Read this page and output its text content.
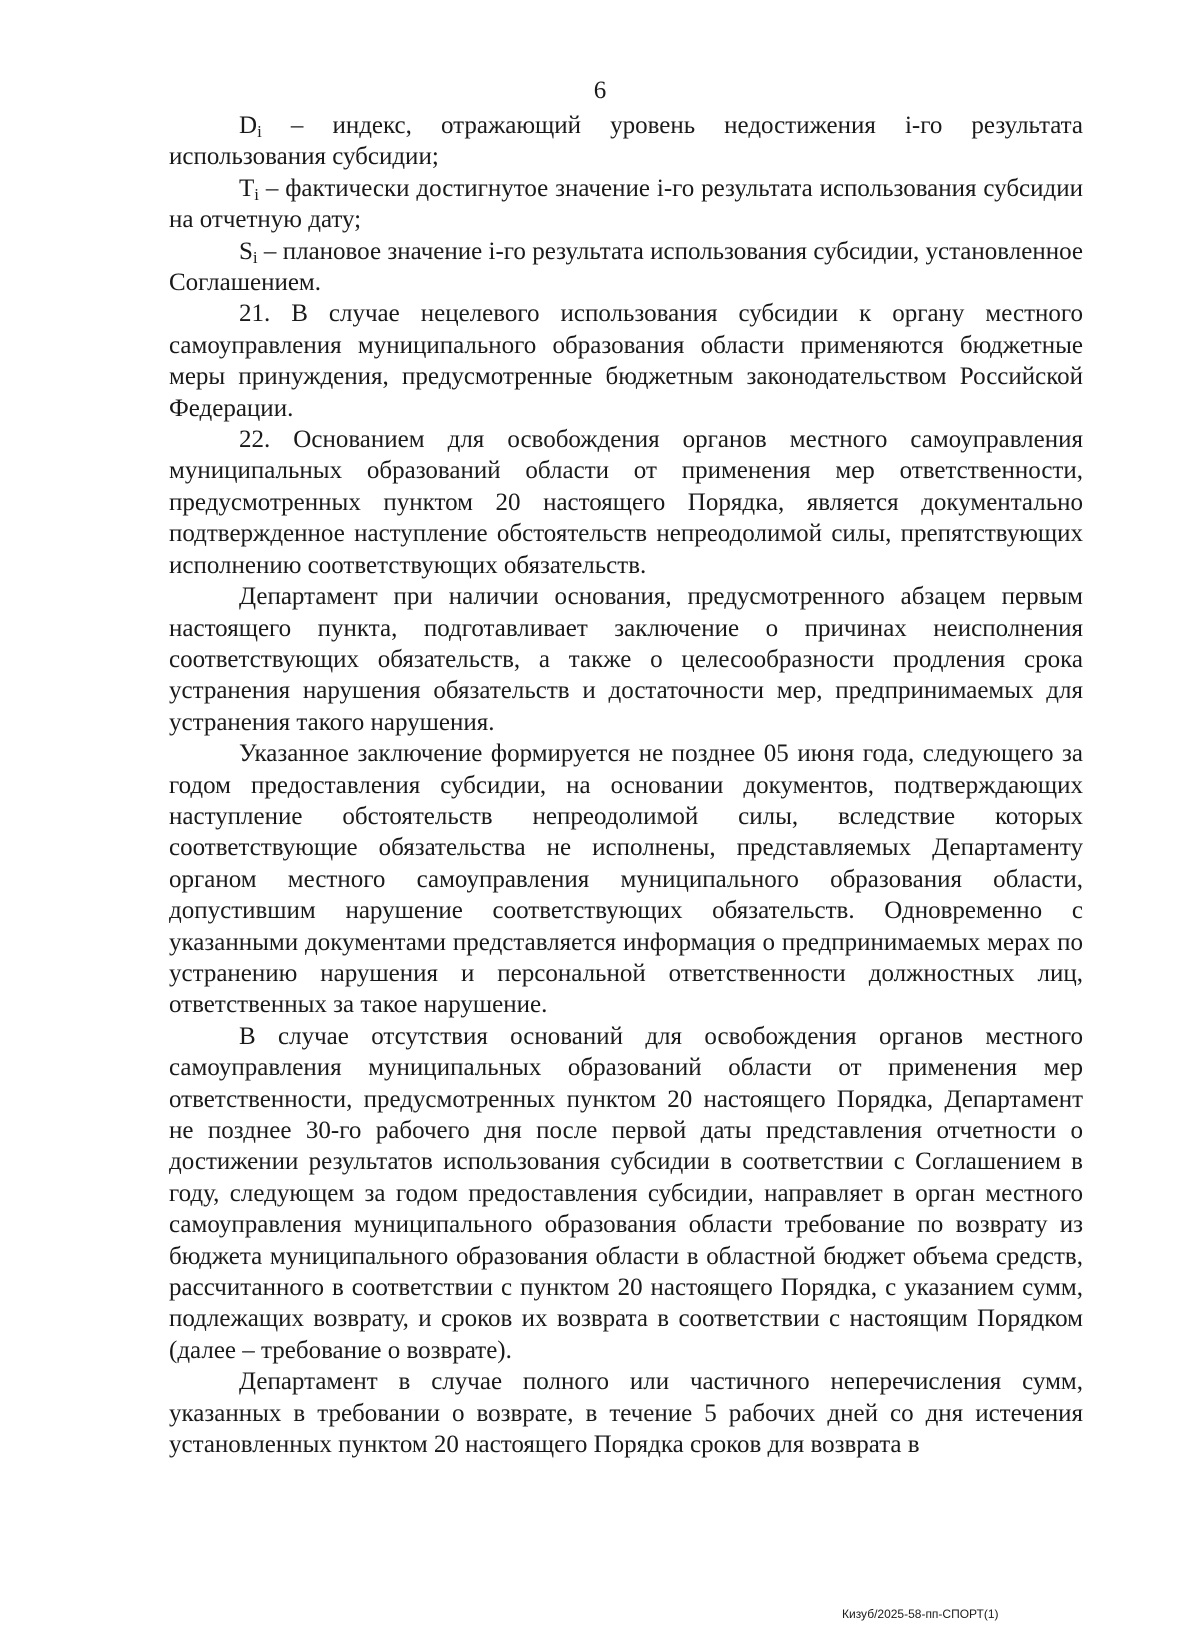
6

$D_i$ – индекс, отражающий уровень недостижения i-го результата использования субсидии;

$T_i$ – фактически достигнутое значение i-го результата использования субсидии на отчетную дату;

$S_i$ – плановое значение i-го результата использования субсидии, установленное Соглашением.

21. В случае нецелевого использования субсидии к органу местного самоуправления муниципального образования области применяются бюджетные меры принуждения, предусмотренные бюджетным законодательством Российской Федерации.

22. Основанием для освобождения органов местного самоуправления муниципальных образований области от применения мер ответственности, предусмотренных пунктом 20 настоящего Порядка, является документально подтвержденное наступление обстоятельств непреодолимой силы, препятствующих исполнению соответствующих обязательств.

Департамент при наличии основания, предусмотренного абзацем первым настоящего пункта, подготавливает заключение о причинах неисполнения соответствующих обязательств, а также о целесообразности продления срока устранения нарушения обязательств и достаточности мер, предпринимаемых для устранения такого нарушения.

Указанное заключение формируется не позднее 05 июня года, следующего за годом предоставления субсидии, на основании документов, подтверждающих наступление обстоятельств непреодолимой силы, вследствие которых соответствующие обязательства не исполнены, представляемых Департаменту органом местного самоуправления муниципального образования области, допустившим нарушение соответствующих обязательств. Одновременно с указанными документами представляется информация о предпринимаемых мерах по устранению нарушения и персональной ответственности должностных лиц, ответственных за такое нарушение.

В случае отсутствия оснований для освобождения органов местного самоуправления муниципальных образований области от применения мер ответственности, предусмотренных пунктом 20 настоящего Порядка, Департамент не позднее 30-го рабочего дня после первой даты представления отчетности о достижении результатов использования субсидии в соответствии с Соглашением в году, следующем за годом предоставления субсидии, направляет в орган местного самоуправления муниципального образования области требование по возврату из бюджета муниципального образования области в областной бюджет объема средств, рассчитанного в соответствии с пунктом 20 настоящего Порядка, с указанием сумм, подлежащих возврату, и сроков их возврата в соответствии с настоящим Порядком (далее – требование о возврате).

Департамент в случае полного или частичного неперечисления сумм, указанных в требовании о возврате, в течение 5 рабочих дней со дня истечения установленных пунктом 20 настоящего Порядка сроков для возврата в

Кизуб/2025-58-пп-СПОРТ(1)
